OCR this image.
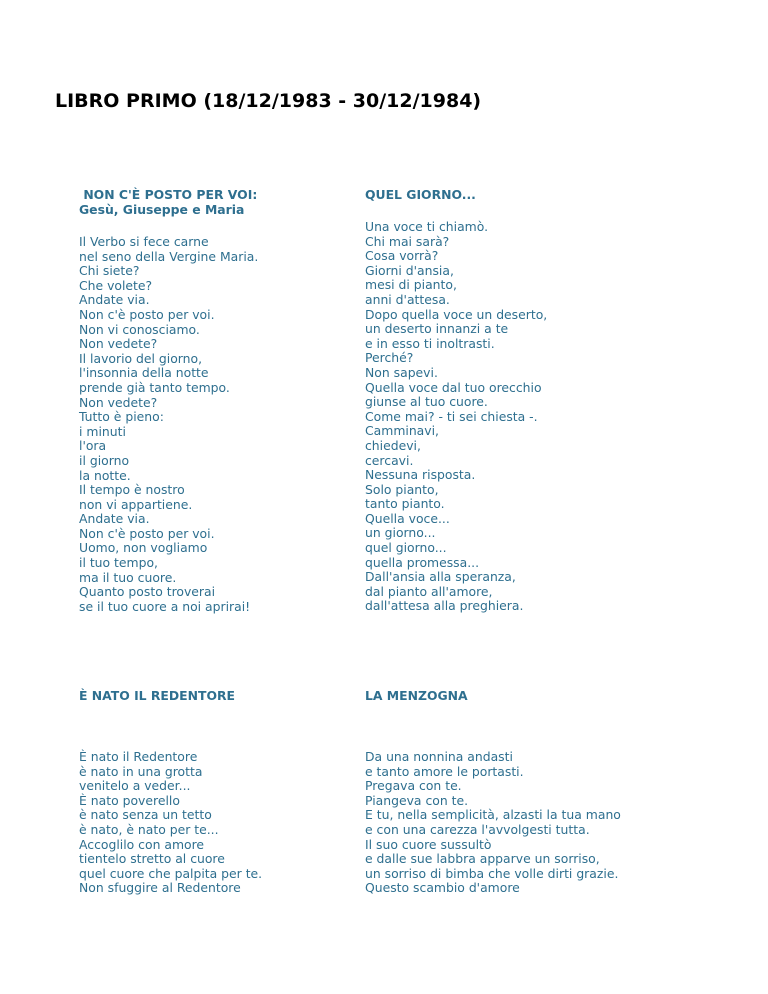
LIBRO PRIMO (18/12/1983 - 30/12/1984)

NON C'È POSTO PER VOI:

Gesù, Giuseppe e Maria

Il Verbo si fece carne
nel seno della Vergine Maria.
Chi siete?
Che volete?
Andate via.
Non c'è posto per voi.
Non vi conosciamo.
Non vedete?
Il lavorio del giorno,
l'insonnia della notte
prende già tanto tempo.
Non vedete?
Tutto è pieno:
i minuti
l'ora
il giorno
la notte.
Il tempo è nostro
non vi appartiene.
Andate via.
Non c'è posto per voi.
Uomo, non vogliamo
il tuo tempo,
ma il tuo cuore.
Quanto posto troverai
se il tuo cuore a noi aprirai!

QUEL GIORNO...

Una voce ti chiamò.
Chi mai sarà?
Cosa vorrà?
Giorni d'ansia,
mesi di pianto,
anni d'attesa.
Dopo quella voce un deserto,
un deserto innanzi a te
e in esso ti inoltrasti.
Perché?
Non sapevi.
Quella voce dal tuo orecchio
giunse al tuo cuore.
Come mai? - ti sei chiesta -.
Camminavi,
chiedevi,
cercavi.
Nessuna risposta.
Solo pianto,
tanto pianto.
Quella voce...
un giorno...
quel giorno...
quella promessa...
Dall'ansia alla speranza,
dal pianto all'amore,
dall'attesa alla preghiera.

È NATO IL REDENTORE

È nato il Redentore
è nato in una grotta
venitelo a veder...
È nato poverello
è nato senza un tetto
è nato, è nato per te...
Accoglilo con amore
tientelo stretto al cuore
quel cuore che palpita per te.
Non sfuggire al Redentore

LA MENZOGNA

Da una nonnina andasti
e tanto amore le portasti.
Pregava con te.
Piangeva con te.
E tu, nella semplicità, alzasti la tua mano
e con una carezza l'avvolgesti tutta.
Il suo cuore sussultò
e dalle sue labbra apparve un sorriso,
un sorriso di bimba che volle dirti grazie.
Questo scambio d'amore
